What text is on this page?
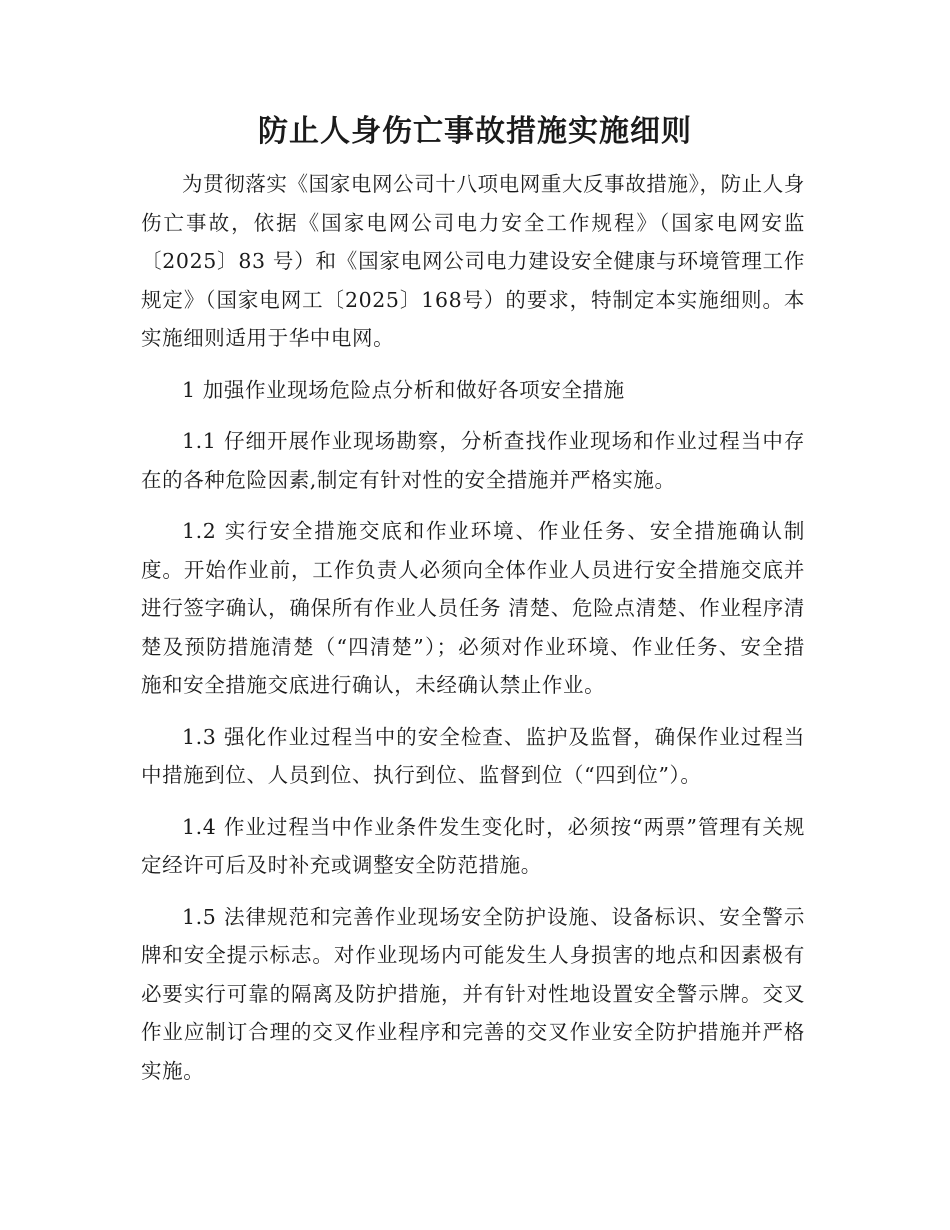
防止人身伤亡事故措施实施细则

为贯彻落实《国家电网公司十八项电网重大反事故措施》，防止人身伤亡事故，依据《国家电网公司电力安全工作规程》（国家电网安监〔2025〕83 号）和《国家电网公司电力建设安全健康与环境管理工作规定》（国家电网工〔2025〕168号）的要求，特制定本实施细则。本实施细则适用于华中电网。

1 加强作业现场危险点分析和做好各项安全措施

1.1 仔细开展作业现场勘察，分析查找作业现场和作业过程当中存在的各种危险因素,制定有针对性的安全措施并严格实施。

1.2 实行安全措施交底和作业环境、作业任务、安全措施确认制度。开始作业前，工作负责人必须向全体作业人员进行安全措施交底并进行签字确认，确保所有作业人员任务 清楚、危险点清楚、作业程序清楚及预防措施清楚（“四清楚”）；必须对作业环境、作业任务、安全措施和安全措施交底进行确认，未经确认禁止作业。

1.3 强化作业过程当中的安全检查、监护及监督，确保作业过程当中措施到位、人员到位、执行到位、监督到位（“四到位”）。

1.4 作业过程当中作业条件发生变化时，必须按“两票”管理有关规定经许可后及时补充或调整安全防范措施。

1.5 法律规范和完善作业现场安全防护设施、设备标识、安全警示牌和安全提示标志。对作业现场内可能发生人身损害的地点和因素极有必要实行可靠的隔离及防护措施，并有针对性地设置安全警示牌。交叉作业应制订合理的交叉作业程序和完善的交叉作业安全防护措施并严格实施。
